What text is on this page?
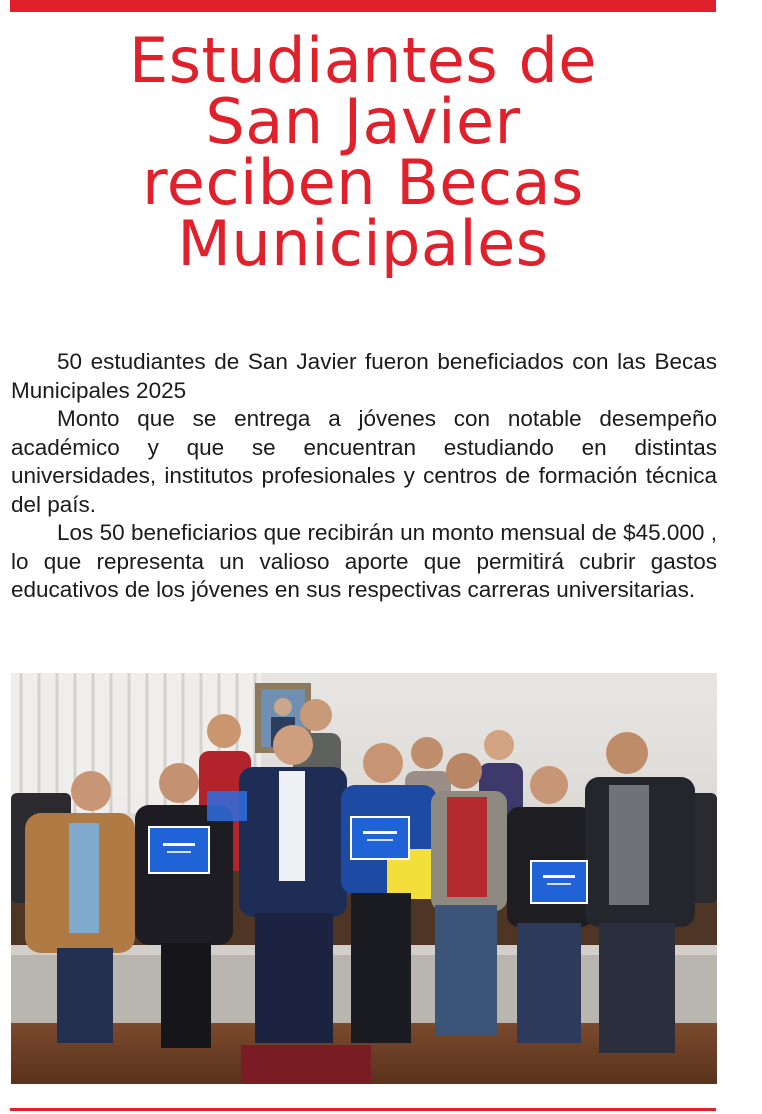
Estudiantes de
San Javier
reciben Becas
Municipales

50 estudiantes de San Javier fueron beneficiados con las Becas Municipales 2025

Monto que se entrega a jóvenes con notable desempeño académico y que se encuentran estudiando en distintas universidades, institutos profesionales y centros de formación técnica del país.

Los 50 beneficiarios que recibirán un monto mensual de $45.000 , lo que representa un valioso aporte que permitirá cubrir gastos educativos de los jóvenes en sus respectivas carreras universitarias.
